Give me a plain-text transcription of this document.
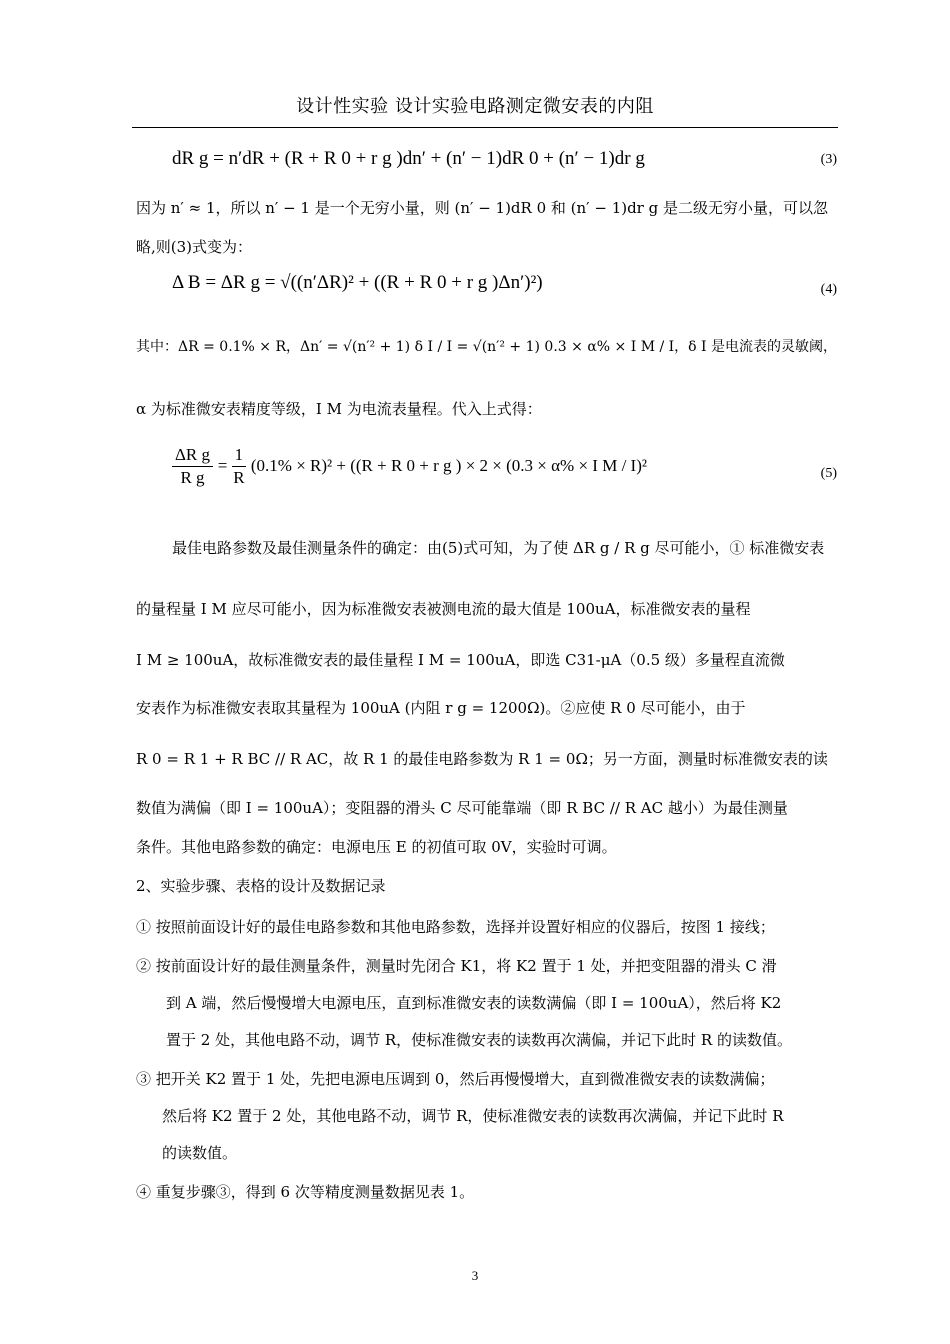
设计性实验 设计实验电路测定微安表的内阻
dR g = n′dR + (R + R 0 + r g )dn′ + (n′ − 1)dR 0 + (n′ − 1)dr g	(3)
因为 n′ ≈ 1，所以 n′ − 1 是一个无穷小量，则 (n′ − 1)dR 0 和 (n′ − 1)dr g 是二级无穷小量，可以忽
略,则(3)式变为：
Δ B = ΔR g = √((n′ΔR)² + ((R + R 0 + r g )Δn′)²)	(4)
其中：ΔR = 0.1% × R，Δn′ = √(n′² + 1) δ I / I = √(n′² + 1) 0.3 × α% × I M / I，δ I 是电流表的灵敏阈，
α 为标准微安表精度等级，I M 为电流表量程。代入上式得：
$\frac{\text{ΔR g}}{\text{R g}} = \frac{1}{R} (0.1\% \times R)^2 + ((R + R$ 0 + r g ) × 2 × (0.3 × α% × I M / I)²	(5)
最佳电路参数及最佳测量条件的确定：由(5)式可知，为了使 ΔR g / R g 尽可能小，① 标准微安表
的量程量 I M 应尽可能小，因为标准微安表被测电流的最大值是 100uA，标准微安表的量程
I M ≥ 100uA，故标准微安表的最佳量程 I M = 100uA，即选 C31-μA（0.5 级）多量程直流微
安表作为标准微安表取其量程为 100uA (内阻 r g = 1200Ω)。②应使 R 0 尽可能小，由于
R 0 = R 1 + R BC // R AC，故 R 1 的最佳电路参数为 R 1 = 0Ω；另一方面，测量时标准微安表的读
数值为满偏（即 I = 100uA）；变阻器的滑头 C 尽可能靠端（即 R BC // R AC 越小）为最佳测量
条件。其他电路参数的确定：电源电压 E 的初值可取 0V，实验时可调。
2、实验步骤、表格的设计及数据记录
① 按照前面设计好的最佳电路参数和其他电路参数，选择并设置好相应的仪器后，按图 1 接线；
② 按前面设计好的最佳测量条件，测量时先闭合 K1，将 K2 置于 1 处，并把变阻器的滑头 C 滑
到 A 端，然后慢慢增大电源电压，直到标准微安表的读数满偏（即 I = 100uA），然后将 K2
置于 2 处，其他电路不动，调节 R，使标准微安表的读数再次满偏，并记下此时 R 的读数值。
③ 把开关 K2 置于 1 处，先把电源电压调到 0，然后再慢慢增大，直到微准微安表的读数满偏；
然后将 K2 置于 2 处，其他电路不动，调节 R，使标准微安表的读数再次满偏，并记下此时 R
的读数值。
④ 重复步骤③，得到 6 次等精度测量数据见表 1。
3
